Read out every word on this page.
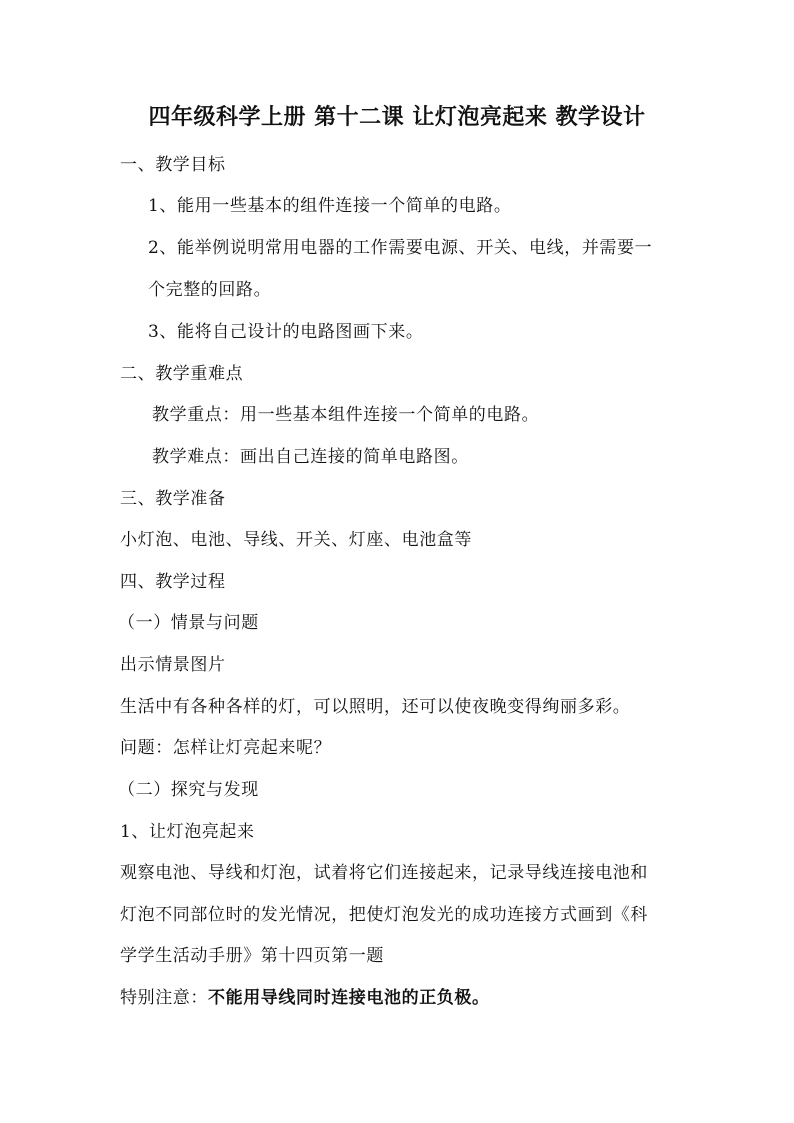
四年级科学上册 第十二课 让灯泡亮起来 教学设计
一、教学目标
1、能用一些基本的组件连接一个简单的电路。
2、能举例说明常用电器的工作需要电源、开关、电线，并需要一
个完整的回路。
3、能将自己设计的电路图画下来。
二、教学重难点
教学重点：用一些基本组件连接一个简单的电路。
教学难点：画出自己连接的简单电路图。
三、教学准备
小灯泡、电池、导线、开关、灯座、电池盒等
四、教学过程
（一）情景与问题
出示情景图片
生活中有各种各样的灯，可以照明，还可以使夜晚变得绚丽多彩。
问题：怎样让灯亮起来呢？
（二）探究与发现
1、让灯泡亮起来
观察电池、导线和灯泡，试着将它们连接起来，记录导线连接电池和
灯泡不同部位时的发光情况，把使灯泡发光的成功连接方式画到《科
学学生活动手册》第十四页第一题
特别注意：不能用导线同时连接电池的正负极。
